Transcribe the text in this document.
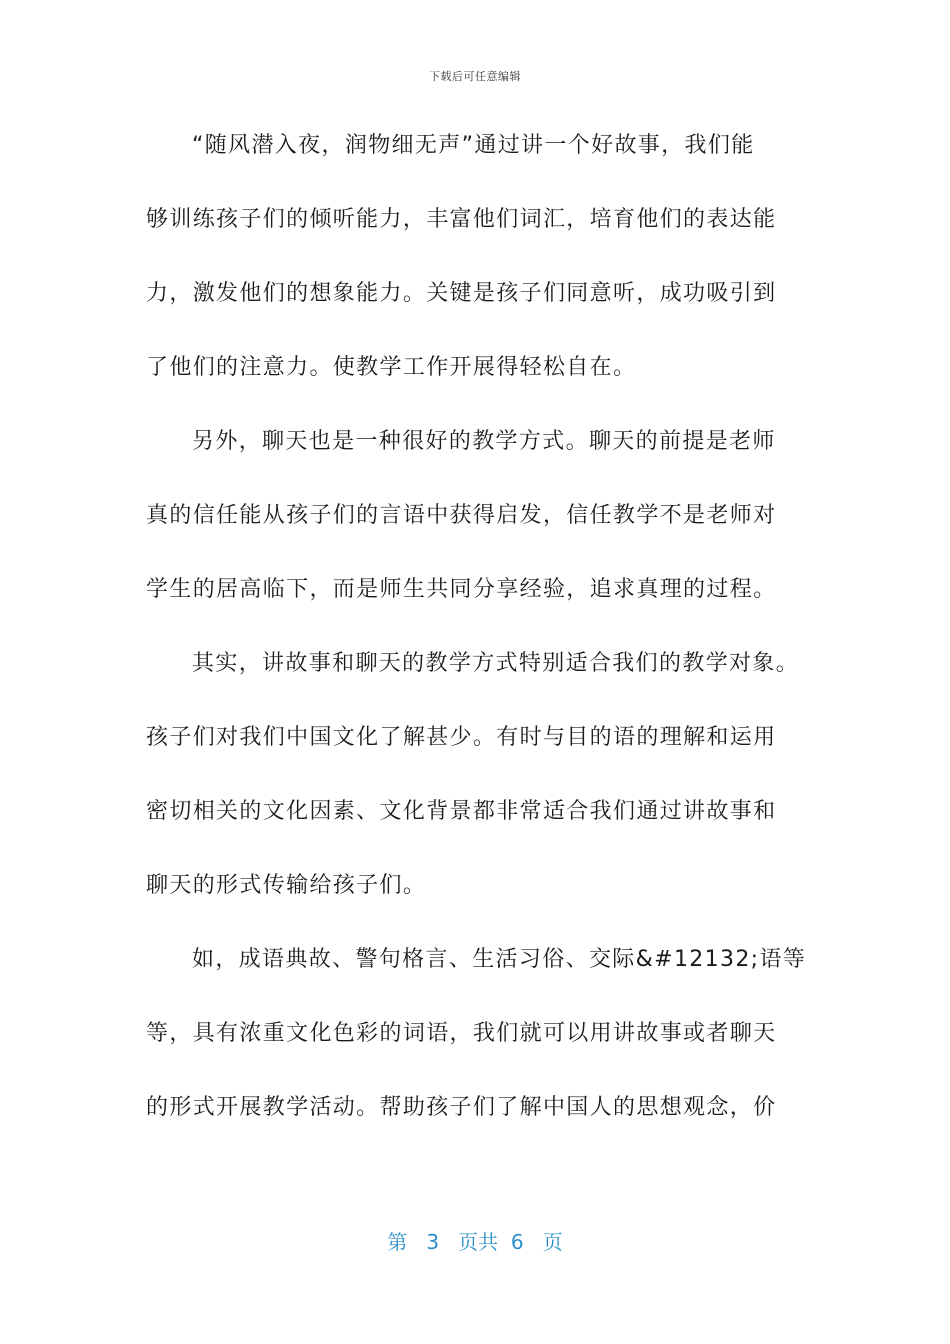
下载后可任意编辑
“随风潜入夜，润物细无声”通过讲一个好故事，我们能
够训练孩子们的倾听能力，丰富他们词汇，培育他们的表达能
力，激发他们的想象能力。关键是孩子们同意听，成功吸引到
了他们的注意力。使教学工作开展得轻松自在。
另外，聊天也是一种很好的教学方式。聊天的前提是老师
真的信任能从孩子们的言语中获得启发，信任教学不是老师对
学生的居高临下，而是师生共同分享经验，追求真理的过程。
其实，讲故事和聊天的教学方式特别适合我们的教学对象。
孩子们对我们中国文化了解甚少。有时与目的语的理解和运用
密切相关的文化因素、文化背景都非常适合我们通过讲故事和
聊天的形式传输给孩子们。
如，成语典故、警句格言、生活习俗、交际&#12132;语等
等，具有浓重文化色彩的词语，我们就可以用讲故事或者聊天
的形式开展教学活动。帮助孩子们了解中国人的思想观念，价
第 3 页共 6 页
